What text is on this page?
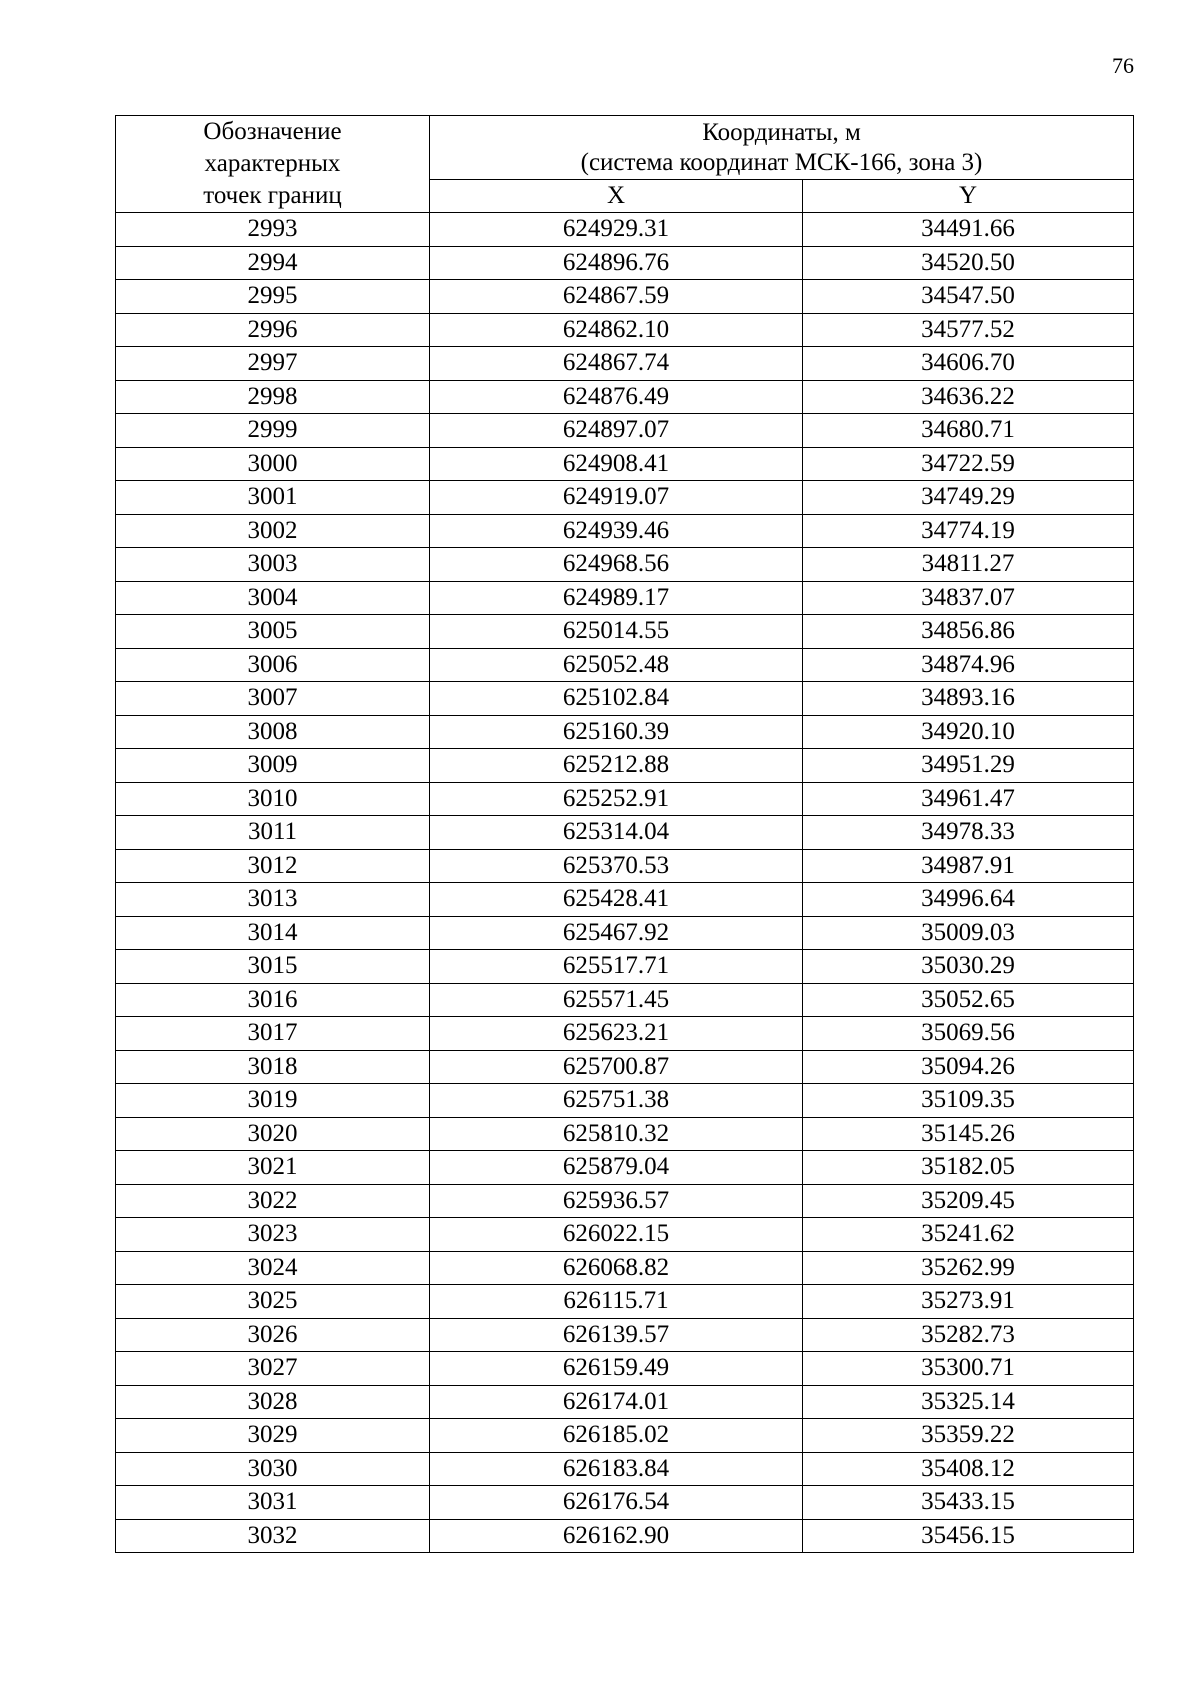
76
Обозначение
характерных
точек границ	Координаты, м
(система координат МСК-166, зона 3)	

	X	Y
2993	624929.31	34491.66
2994	624896.76	34520.50
2995	624867.59	34547.50
2996	624862.10	34577.52
2997	624867.74	34606.70
2998	624876.49	34636.22
2999	624897.07	34680.71
3000	624908.41	34722.59
3001	624919.07	34749.29
3002	624939.46	34774.19
3003	624968.56	34811.27
3004	624989.17	34837.07
3005	625014.55	34856.86
3006	625052.48	34874.96
3007	625102.84	34893.16
3008	625160.39	34920.10
3009	625212.88	34951.29
3010	625252.91	34961.47
3011	625314.04	34978.33
3012	625370.53	34987.91
3013	625428.41	34996.64
3014	625467.92	35009.03
3015	625517.71	35030.29
3016	625571.45	35052.65
3017	625623.21	35069.56
3018	625700.87	35094.26
3019	625751.38	35109.35
3020	625810.32	35145.26
3021	625879.04	35182.05
3022	625936.57	35209.45
3023	626022.15	35241.62
3024	626068.82	35262.99
3025	626115.71	35273.91
3026	626139.57	35282.73
3027	626159.49	35300.71
3028	626174.01	35325.14
3029	626185.02	35359.22
3030	626183.84	35408.12
3031	626176.54	35433.15
3032	626162.90	35456.15
